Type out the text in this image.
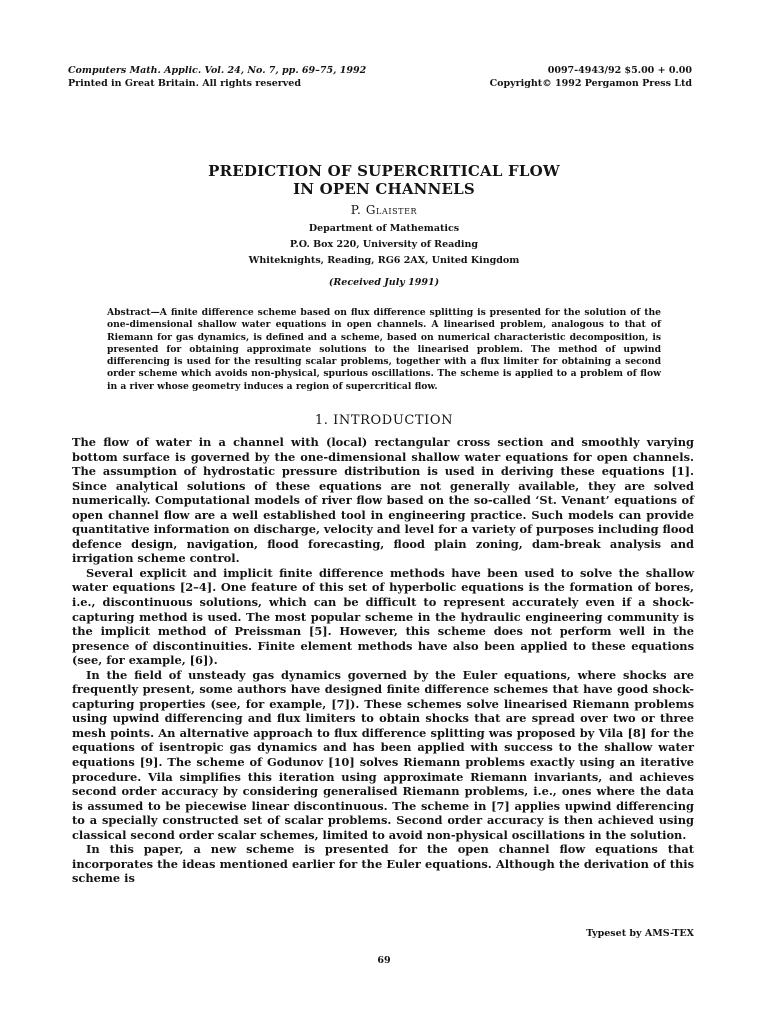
Computers Math. Applic. Vol. 24, No. 7, pp. 69–75, 1992
Printed in Great Britain. All rights reserved
0097-4943/92 $5.00 + 0.00
Copyright© 1992 Pergamon Press Ltd
PREDICTION OF SUPERCRITICAL FLOW
IN OPEN CHANNELS
P. Glaister
Department of Mathematics
P.O. Box 220, University of Reading
Whiteknights, Reading, RG6 2AX, United Kingdom
(Received July 1991)
Abstract—A finite difference scheme based on flux difference splitting is presented for the solution of the one-dimensional shallow water equations in open channels. A linearised problem, analogous to that of Riemann for gas dynamics, is defined and a scheme, based on numerical characteristic decomposition, is presented for obtaining approximate solutions to the linearised problem. The method of upwind differencing is used for the resulting scalar problems, together with a flux limiter for obtaining a second order scheme which avoids non-physical, spurious oscillations. The scheme is applied to a problem of flow in a river whose geometry induces a region of supercritical flow.
1. INTRODUCTION

The flow of water in a channel with (local) rectangular cross section and smoothly varying bottom surface is governed by the one-dimensional shallow water equations for open channels. The assumption of hydrostatic pressure distribution is used in deriving these equations [1]. Since analytical solutions of these equations are not generally available, they are solved numerically. Computational models of river flow based on the so-called ‘St. Venant’ equations of open channel flow are a well established tool in engineering practice. Such models can provide quantitative information on discharge, velocity and level for a variety of purposes including flood defence design, navigation, flood forecasting, flood plain zoning, dam-break analysis and irrigation scheme control.

Several explicit and implicit finite difference methods have been used to solve the shallow water equations [2–4]. One feature of this set of hyperbolic equations is the formation of bores, i.e., discontinuous solutions, which can be difficult to represent accurately even if a shock-capturing method is used. The most popular scheme in the hydraulic engineering community is the implicit method of Preissman [5]. However, this scheme does not perform well in the presence of discontinuities. Finite element methods have also been applied to these equations (see, for example, [6]).

In the field of unsteady gas dynamics governed by the Euler equations, where shocks are frequently present, some authors have designed finite difference schemes that have good shock-capturing properties (see, for example, [7]). These schemes solve linearised Riemann problems using upwind differencing and flux limiters to obtain shocks that are spread over two or three mesh points. An alternative approach to flux difference splitting was proposed by Vila [8] for the equations of isentropic gas dynamics and has been applied with success to the shallow water equations [9]. The scheme of Godunov [10] solves Riemann problems exactly using an iterative procedure. Vila simplifies this iteration using approximate Riemann invariants, and achieves second order accuracy by considering generalised Riemann problems, i.e., ones where the data is assumed to be piecewise linear discontinuous. The scheme in [7] applies upwind differencing to a specially constructed set of scalar problems. Second order accuracy is then achieved using classical second order scalar schemes, limited to avoid non-physical oscillations in the solution.

In this paper, a new scheme is presented for the open channel flow equations that incorporates the ideas mentioned earlier for the Euler equations. Although the derivation of this scheme is

Typeset by AMS-TEX
69
